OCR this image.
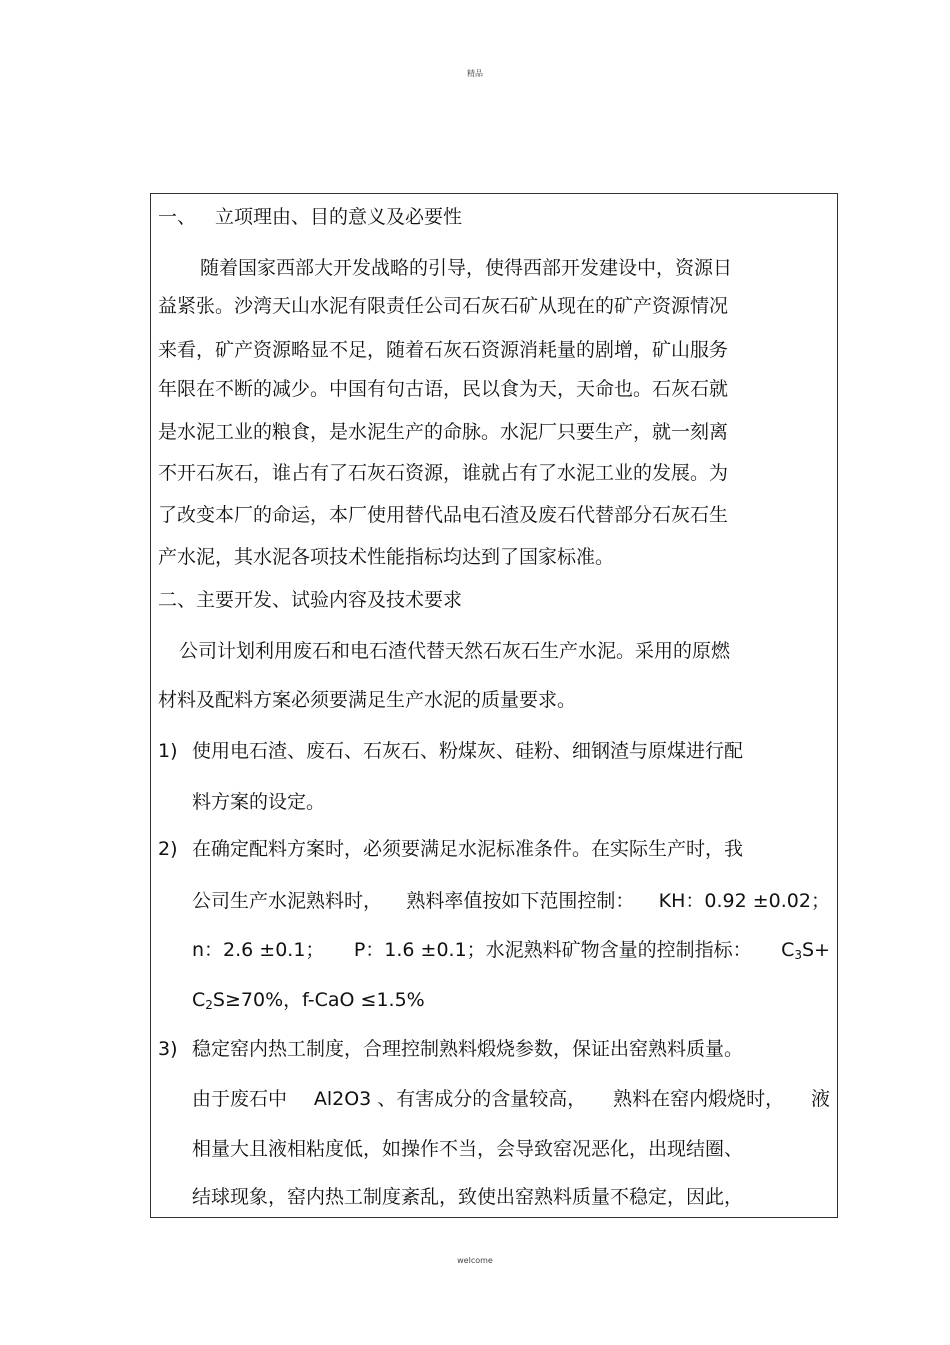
精品
一、 立项理由、目的意义及必要性
随着国家西部大开发战略的引导，使得西部开发建设中，资源日
益紧张。沙湾天山水泥有限责任公司石灰石矿从现在的矿产资源情况
来看，矿产资源略显不足，随着石灰石资源消耗量的剧增，矿山服务
年限在不断的减少。中国有句古语，民以食为天，天命也。石灰石就
是水泥工业的粮食，是水泥生产的命脉。水泥厂只要生产，就一刻离
不开石灰石，谁占有了石灰石资源，谁就占有了水泥工业的发展。为
了改变本厂的命运，本厂使用替代品电石渣及废石代替部分石灰石生
产水泥，其水泥各项技术性能指标均达到了国家标准。
二、主要开发、试验内容及技术要求
公司计划利用废石和电石渣代替天然石灰石生产水泥。采用的原燃
材料及配料方案必须要满足生产水泥的质量要求。
1) 使用电石渣、废石、石灰石、粉煤灰、硅粉、细钢渣与原煤进行配
料方案的设定。
2) 在确定配料方案时，必须要满足水泥标准条件。在实际生产时，我
公司生产水泥熟料时， 熟料率值按如下范围控制： KH：0.92 ±0.02；
n：2.6 ±0.1； P：1.6 ±0.1；水泥熟料矿物含量的控制指标： $C_3S+$
$C_2S\ge 70\%$，f-CaO ≤1.5%
3) 稳定窑内热工制度，合理控制熟料煅烧参数，保证出窑熟料质量。
由于废石中 Al2O3 、有害成分的含量较高， 熟料在窑内煅烧时， 液
相量大且液相粘度低，如操作不当，会导致窑况恶化，出现结圈、
结球现象，窑内热工制度紊乱，致使出窑熟料质量不稳定，因此，
welcome
